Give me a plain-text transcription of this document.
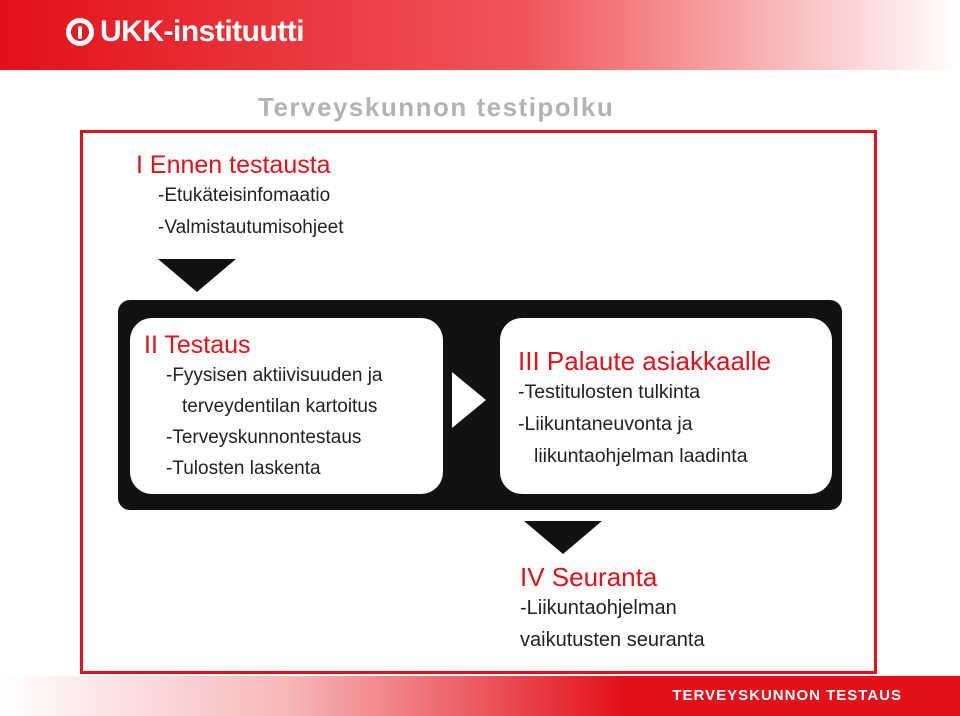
UKK-instituutti
Terveyskunnon testipolku
I Ennen testausta
-Etukäteisinfomaatio
-Valmistautumisohjeet
II Testaus
-Fyysisen aktiivisuuden ja
terveydentilan kartoitus
-Terveyskunnontestaus
-Tulosten laskenta
III Palaute asiakkaalle
-Testitulosten tulkinta
-Liikuntaneuvonta ja
liikuntaohjelman laadinta
IV Seuranta
-Liikuntaohjelman
vaikutusten seuranta
TERVEYSKUNNON TESTAUS
